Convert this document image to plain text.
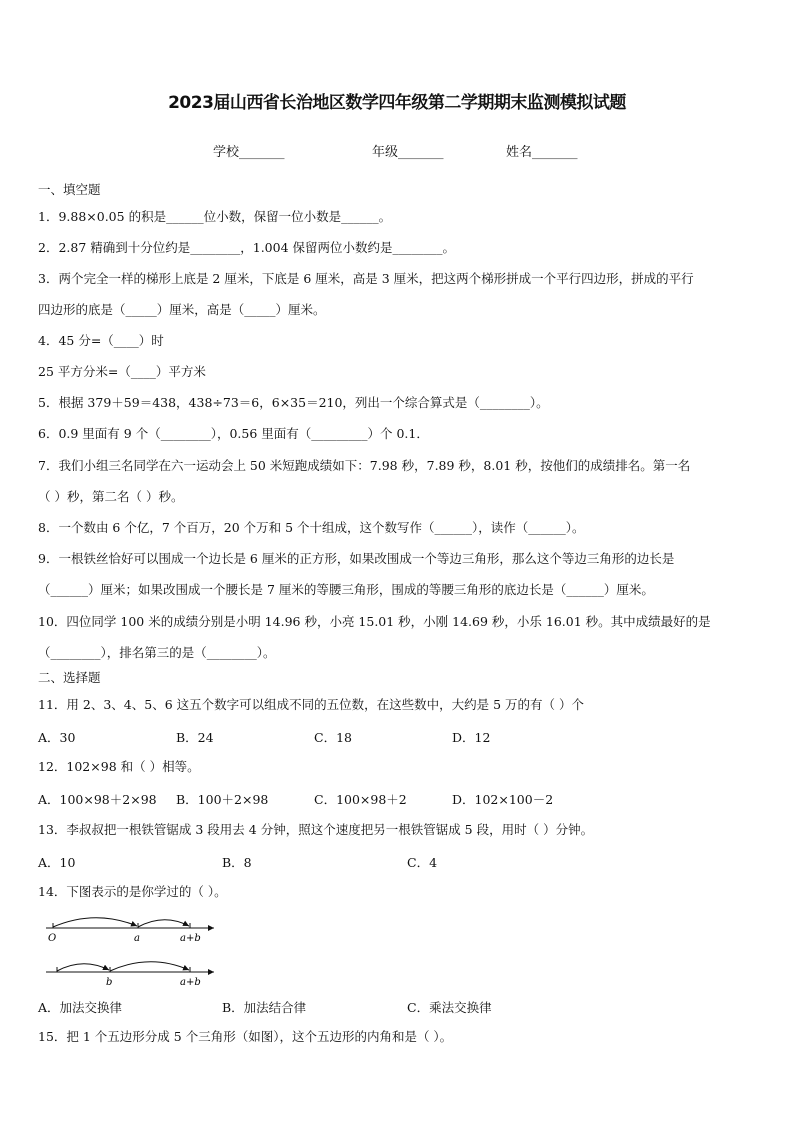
2023届山西省长治地区数学四年级第二学期期末监测模拟试题
学校_______	年级_______	姓名_______
一、填空题
1．9.88×0.05 的积是______位小数，保留一位小数是______。
2．2.87 精确到十分位约是________，1.004 保留两位小数约是________。
3．两个完全一样的梯形上底是 2 厘米，下底是 6 厘米，高是 3 厘米，把这两个梯形拼成一个平行四边形，拼成的平行
四边形的底是（_____）厘米，高是（_____）厘米。
4．45 分=（____）时
25 平方分米=（____）平方米
5．根据 379＋59＝438，438÷73＝6，6×35＝210，列出一个综合算式是（________）。
6．0.9 里面有 9 个（________），0.56 里面有（_________）个 0.1．
7．我们小组三名同学在六一运动会上 50 米短跑成绩如下：7.98 秒，7.89 秒，8.01 秒，按他们的成绩排名。第一名
（ ）秒，第二名（ ）秒。
8．一个数由 6 个亿，7 个百万，20 个万和 5 个十组成，这个数写作（______），读作（______）。
9．一根铁丝恰好可以围成一个边长是 6 厘米的正方形，如果改围成一个等边三角形，那么这个等边三角形的边长是
（______）厘米；如果改围成一个腰长是 7 厘米的等腰三角形，围成的等腰三角形的底边长是（______）厘米。
10．四位同学 100 米的成绩分别是小明 14.96 秒，小亮 15.01 秒，小刚 14.69 秒，小乐 16.01 秒。其中成绩最好的是
（________），排名第三的是（________）。
二、选择题
11．用 2、3、4、5、6 这五个数字可以组成不同的五位数，在这些数中，大约是 5 万的有（ ）个
A．30	B．24	C．18	D．12
12．102×98 和（ ）相等。
A．100×98＋2×98 B．100＋2×98	C．100×98＋2	D．102×100－2
13．李叔叔把一根铁管锯成 3 段用去 4 分钟，照这个速度把另一根铁管锯成 5 段，用时（ ）分钟。
A．10	B．8	C．4
14．下图表示的是你学过的（ ）。
O	a	a+b
b	a+b
A．加法交换律	B．加法结合律	C．乘法交换律
15．把 1 个五边形分成 5 个三角形（如图），这个五边形的内角和是（ ）。
